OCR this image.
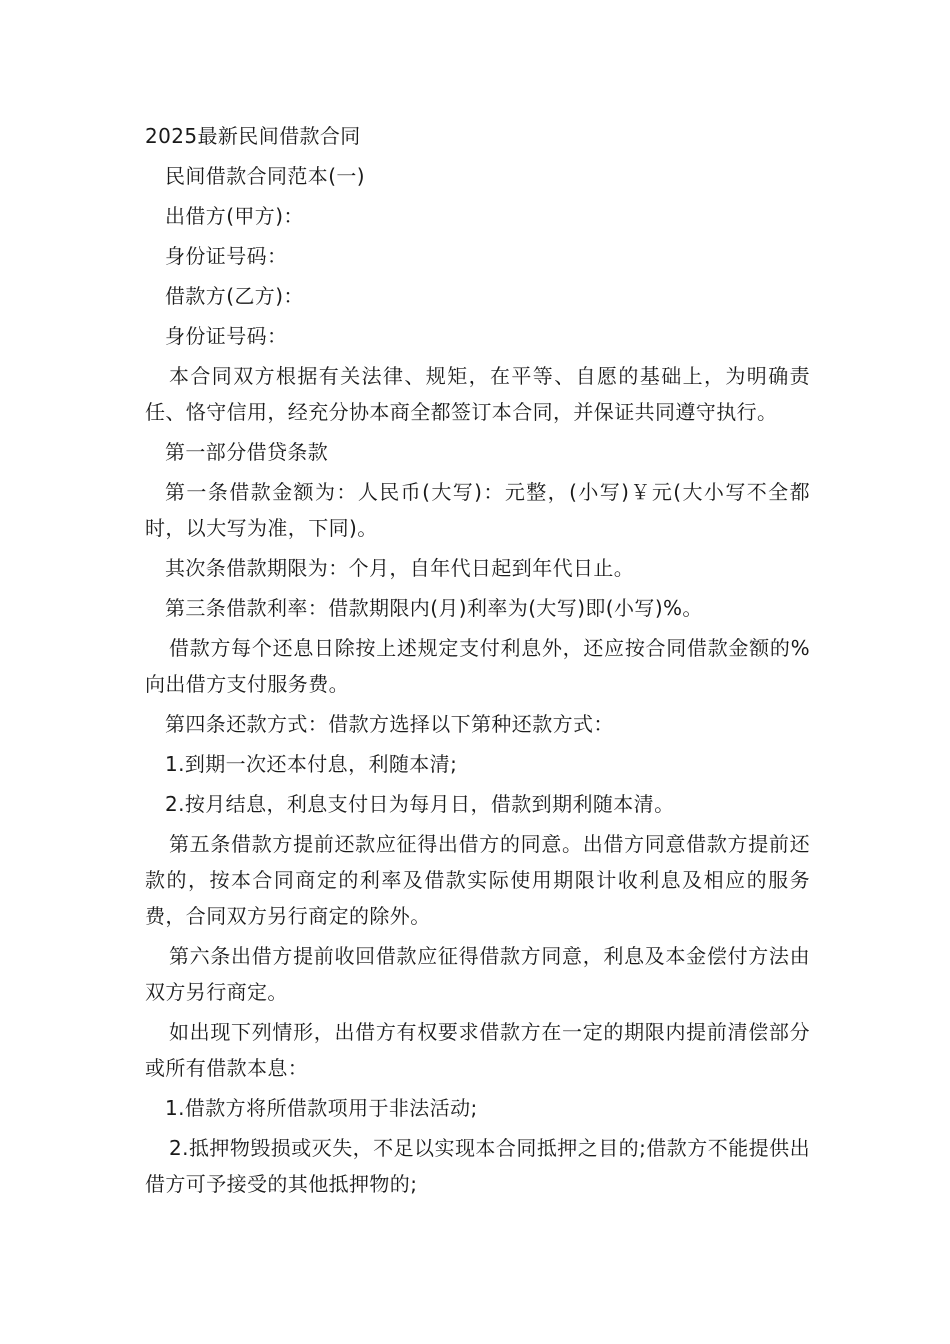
2025最新民间借款合同

民间借款合同范本(一)

出借方(甲方)：

身份证号码：

借款方(乙方)：

身份证号码：

本合同双方根据有关法律、规矩，在平等、自愿的基础上，为明确责任、恪守信用，经充分协本商全都签订本合同，并保证共同遵守执行。

第一部分借贷条款

第一条借款金额为：人民币(大写)：元整，(小写)￥元(大小写不全都时，以大写为准，下同)。

其次条借款期限为：个月，自年代日起到年代日止。

第三条借款利率：借款期限内(月)利率为(大写)即(小写)%。

借款方每个还息日除按上述规定支付利息外，还应按合同借款金额的%向出借方支付服务费。

第四条还款方式：借款方选择以下第种还款方式：

1.到期一次还本付息，利随本清;

2.按月结息，利息支付日为每月日，借款到期利随本清。

第五条借款方提前还款应征得出借方的同意。出借方同意借款方提前还款的，按本合同商定的利率及借款实际使用期限计收利息及相应的服务费，合同双方另行商定的除外。

第六条出借方提前收回借款应征得借款方同意，利息及本金偿付方法由双方另行商定。

如出现下列情形，出借方有权要求借款方在一定的期限内提前清偿部分或所有借款本息：

1.借款方将所借款项用于非法活动;

2.抵押物毁损或灭失，不足以实现本合同抵押之目的;借款方不能提供出借方可予接受的其他抵押物的;
